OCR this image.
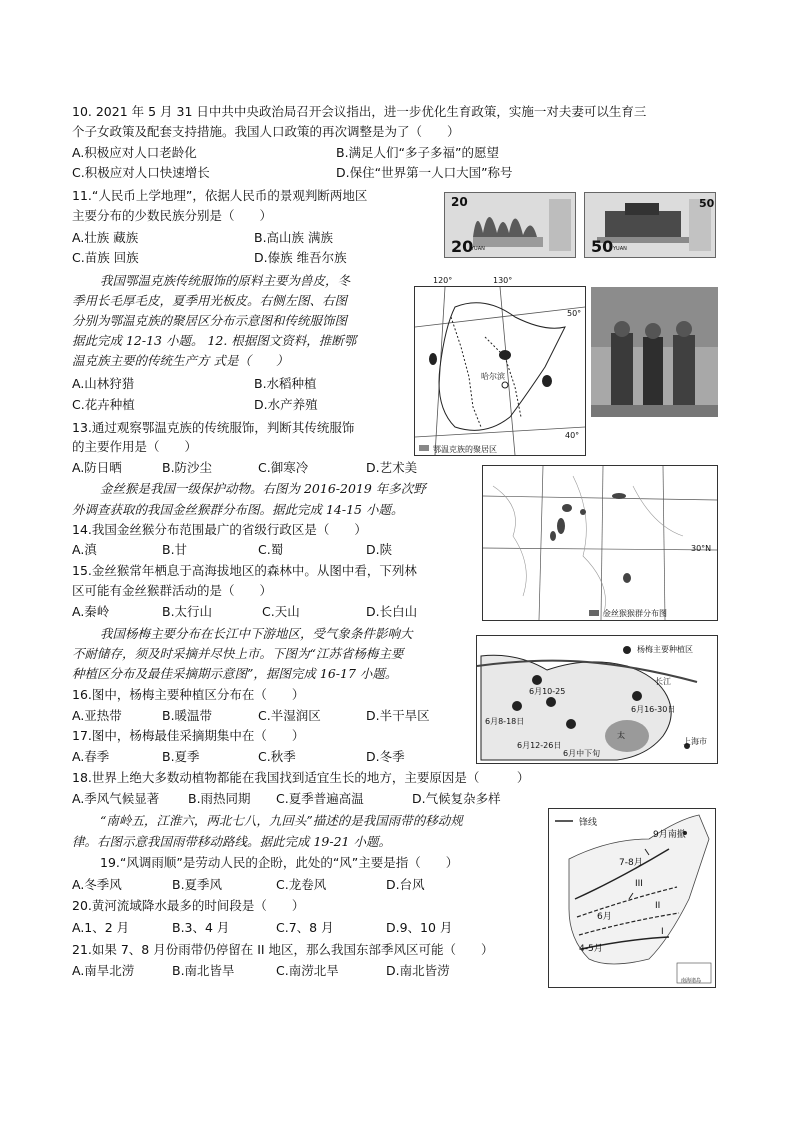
10. 2021 年 5 月 31 日中共中央政治局召开会议指出，进一步优化生育政策，实施一对夫妻可以生育三
个子女政策及配套支持措施。我国人口政策的再次调整是为了（　　）
A.积极应对人口老龄化	B.满足人们“多子多福”的愿望
C.积极应对人口快速增长	D.保住“世界第一人口大国”称号
11.“人民币上学地理”，依据人民币的景观判断两地区
主要分布的少数民族分别是（　　）
A.壮族 藏族	B.高山族 满族
C.苗族 回族	D.傣族 维吾尔族
20
20
YUAN
50
50 YUAN
我国鄂温克族传统服饰的原料主要为兽皮，冬
季用长毛厚毛皮，夏季用光板皮。右侧左图、右图
分别为鄂温克族的聚居区分布示意图和传统服饰图
据此完成 12-13 小题。 12. 根据图文资料，推断鄂
温克族主要的传统生产方 式是（　　）
A.山林狩猎	B.水稻种植
C.花卉种植	D.水产养殖
120°	130°
50°
40°
哈尔滨
鄂温克族的聚居区
13.通过观察鄂温克族的传统服饰，判断其传统服饰
的主要作用是（　　）
A.防日晒	B.防沙尘	C.御寒冷	D.艺术美
金丝猴是我国一级保护动物。右图为 2016-2019 年多次野
外调查获取的我国金丝猴群分布图。据此完成 14-15 小题。
14.我国金丝猴分布范围最广的省级行政区是（　　）
A.滇	B.甘	C.蜀	D.陕
15.金丝猴常年栖息于高海拔地区的森林中。从图中看，下列林
区可能有金丝猴群活动的是（　　）
A.秦岭	B.太行山	C.天山	D.长白山
30°N
金丝猴猴群分布图
我国杨梅主要分布在长江中下游地区，受气象条件影响大
不耐储存，须及时采摘并尽快上市。下图为“江苏省杨梅主要
种植区分布及最佳采摘期示意图”，据图完成 16-17 小题。
16.图中，杨梅主要种植区分布在（　　）
A.亚热带	B.暖温带	C.半湿润区	D.半干旱区
17.图中，杨梅最佳采摘期集中在（　　）
A.春季	B.夏季	C.秋季	D.冬季
杨梅主要种植区
长江
上海市
太
6月10-25
6月16-30日
6月8-18日
6月12-26日
6月中下旬
18.世界上绝大多数动植物都能在我国找到适宜生长的地方，主要原因是（　　　）
A.季风气候显著 B.雨热同期 C.夏季普遍高温	D.气候复杂多样
“南岭五，江淮六，两北七八，九回头”描述的是我国雨带的移动规
律。右图示意我国雨带移动路线。据此完成 19-21 小题。
19.“风调雨顺”是劳动人民的企盼，此处的“风”主要是指（　　）
A.冬季风	B.夏季风	C.龙卷风	D.台风
20.黄河流域降水最多的时间段是（　　）
A.1、2 月	B.3、4 月	C.7、8 月	D.9、10 月
21.如果 7、8 月份雨带仍停留在 II 地区，那么我国东部季风区可能（　　）
A.南旱北涝	B.南北皆旱	C.南涝北旱	D.南北皆涝
锋线
9月南撤
7-8月
6月
4-5月
III
II
I
南海诸岛
